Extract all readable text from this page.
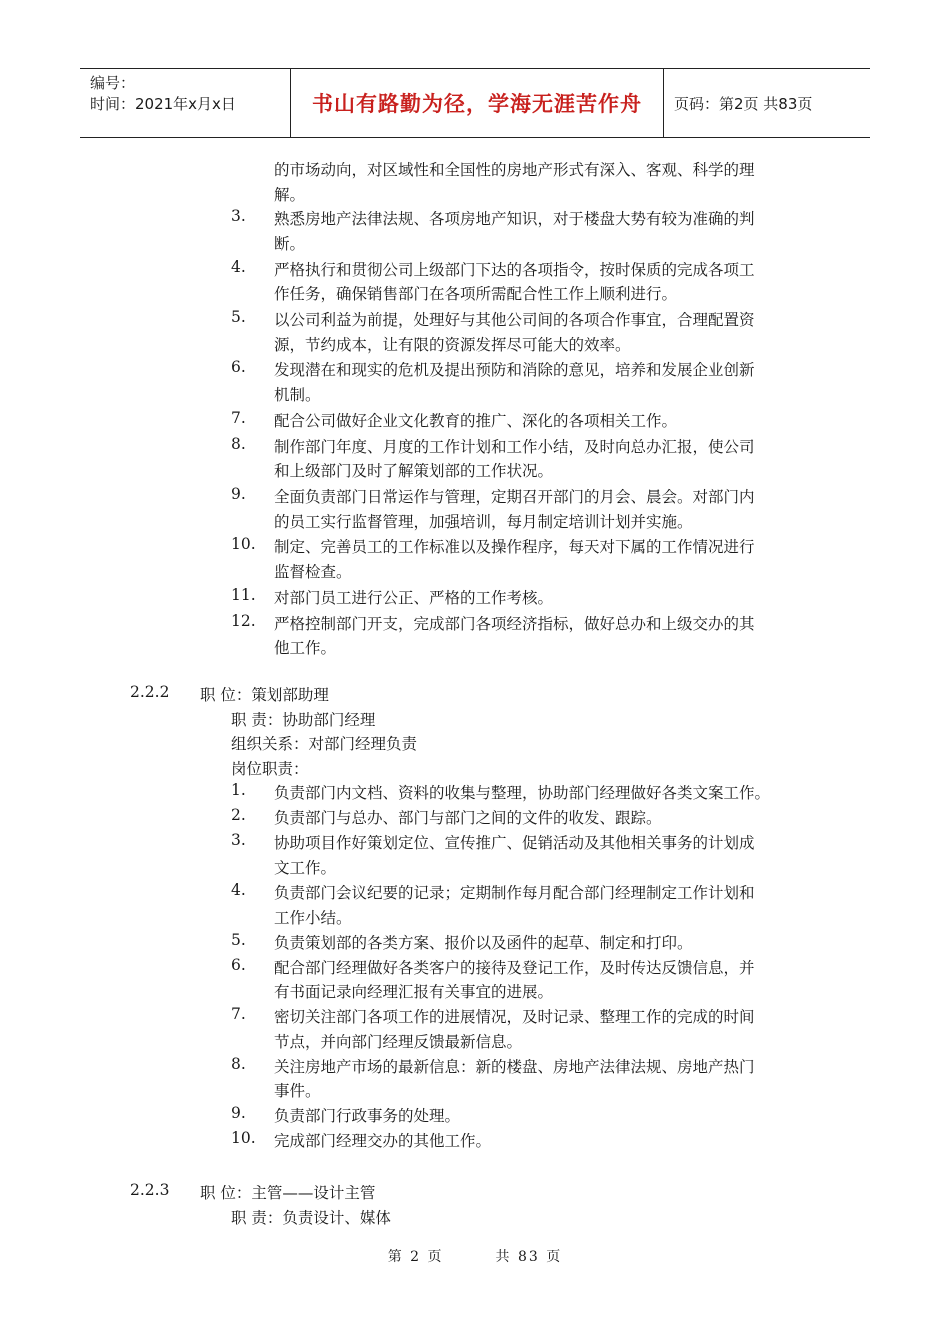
编号：
时间：2021年x月x日	书山有路勤为径，学海无涯苦作舟	页码：第2页 共83页
的市场动向，对区域性和全国性的房地产形式有深入、客观、科学的理
解。
3. 熟悉房地产法律法规、各项房地产知识，对于楼盘大势有较为准确的判
断。
4. 严格执行和贯彻公司上级部门下达的各项指令，按时保质的完成各项工
作任务，确保销售部门在各项所需配合性工作上顺利进行。
5. 以公司利益为前提，处理好与其他公司间的各项合作事宜，合理配置资
源，节约成本，让有限的资源发挥尽可能大的效率。
6. 发现潜在和现实的危机及提出预防和消除的意见，培养和发展企业创新
机制。
7. 配合公司做好企业文化教育的推广、深化的各项相关工作。
8. 制作部门年度、月度的工作计划和工作小结，及时向总办汇报，使公司
和上级部门及时了解策划部的工作状况。
9. 全面负责部门日常运作与管理，定期召开部门的月会、晨会。对部门内
的员工实行监督管理，加强培训，每月制定培训计划并实施。
10. 制定、完善员工的工作标准以及操作程序，每天对下属的工作情况进行
监督检查。
11. 对部门员工进行公正、严格的工作考核。
12. 严格控制部门开支，完成部门各项经济指标，做好总办和上级交办的其
他工作。
2.2.2 职 位：策划部助理
职 责：协助部门经理
组织关系：对部门经理负责
岗位职责：
1. 负责部门内文档、资料的收集与整理，协助部门经理做好各类文案工作。
2. 负责部门与总办、部门与部门之间的文件的收发、跟踪。
3. 协助项目作好策划定位、宣传推广、促销活动及其他相关事务的计划成
文工作。
4. 负责部门会议纪要的记录；定期制作每月配合部门经理制定工作计划和
工作小结。
5. 负责策划部的各类方案、报价以及函件的起草、制定和打印。
6. 配合部门经理做好各类客户的接待及登记工作，及时传达反馈信息，并
有书面记录向经理汇报有关事宜的进展。
7. 密切关注部门各项工作的进展情况，及时记录、整理工作的完成的时间
节点，并向部门经理反馈最新信息。
8. 关注房地产市场的最新信息：新的楼盘、房地产法律法规、房地产热门
事件。
9. 负责部门行政事务的处理。
10. 完成部门经理交办的其他工作。
2.2.3 职 位：主管——设计主管
职 责：负责设计、媒体
第 2 页	共 83 页
